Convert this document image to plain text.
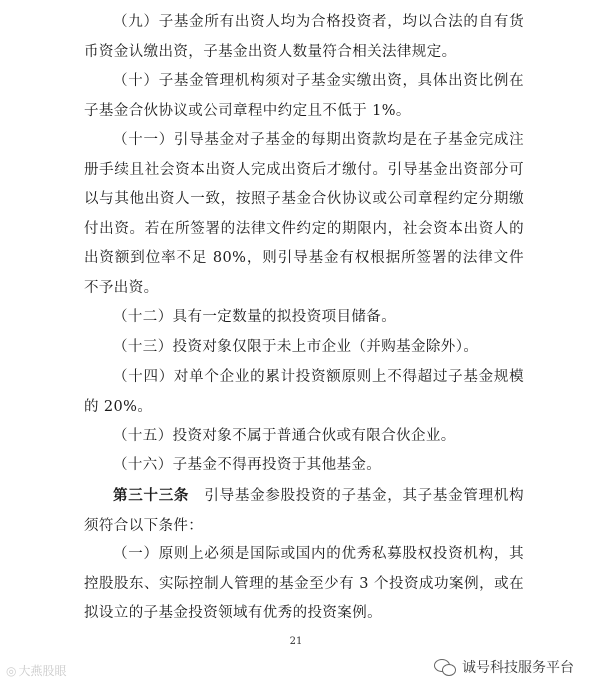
（九）子基金所有出资人均为合格投资者，均以合法的自有货币资金认缴出资，子基金出资人数量符合相关法律规定。

（十）子基金管理机构须对子基金实缴出资，具体出资比例在子基金合伙协议或公司章程中约定且不低于 1%。

（十一）引导基金对子基金的每期出资款均是在子基金完成注册手续且社会资本出资人完成出资后才缴付。引导基金出资部分可以与其他出资人一致，按照子基金合伙协议或公司章程约定分期缴付出资。若在所签署的法律文件约定的期限内，社会资本出资人的出资额到位率不足 80%，则引导基金有权根据所签署的法律文件不予出资。

（十二）具有一定数量的拟投资项目储备。

（十三）投资对象仅限于未上市企业（并购基金除外）。

（十四）对单个企业的累计投资额原则上不得超过子基金规模的 20%。

（十五）投资对象不属于普通合伙或有限合伙企业。

（十六）子基金不得再投资于其他基金。

第三十三条　引导基金参股投资的子基金，其子基金管理机构须符合以下条件：

（一）原则上必须是国际或国内的优秀私募股权投资机构，其控股股东、实际控制人管理的基金至少有 3 个投资成功案例，或在拟设立的子基金投资领域有优秀的投资案例。

21
◎ 大燕股眼	诚号科技服务平台
